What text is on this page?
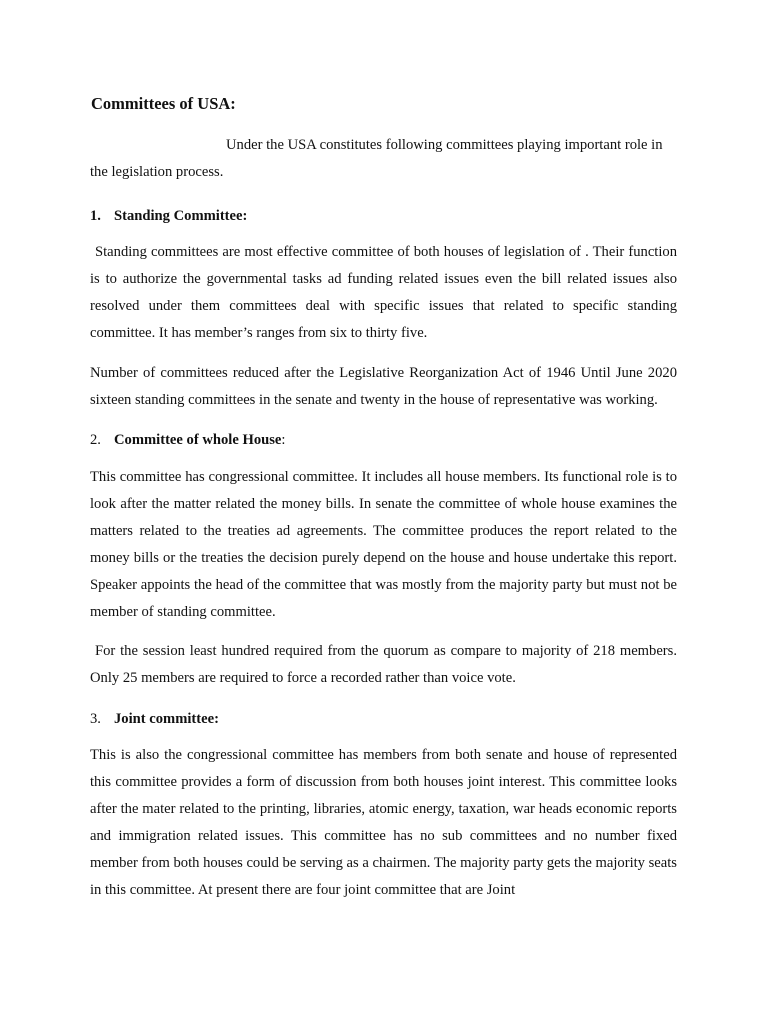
Committees of USA:

Under the USA constitutes following committees playing important role in the legislation process.

1. Standing Committee:

Standing committees are most effective committee of both houses of legislation of . Their function is to authorize the governmental tasks ad funding related issues even the bill related issues also resolved under them committees deal with specific issues that related to specific standing committee. It has member’s ranges from six to thirty five.

Number of committees reduced after the Legislative Reorganization Act of 1946 Until June 2020 sixteen standing committees in the senate and twenty in the house of representative was working.

2. Committee of whole House:

This committee has congressional committee. It includes all house members. Its functional role is to look after the matter related the money bills. In senate the committee of whole house examines the matters related to the treaties ad agreements. The committee produces the report related to the money bills or the treaties the decision purely depend on the house and house undertake this report. Speaker appoints the head of the committee that was mostly from the majority party but must not be member of standing committee.

For the session least hundred required from the quorum as compare to majority of 218 members. Only 25 members are required to force a recorded rather than voice vote.

3. Joint committee:

This is also the congressional committee has members from both senate and house of represented this committee provides a form of discussion from both houses joint interest. This committee looks after the mater related to the printing, libraries, atomic energy, taxation, war heads economic reports and immigration related issues. This committee has no sub committees and no number fixed member from both houses could be serving as a chairmen. The majority party gets the majority seats in this committee. At present there are four joint committee that are Joint
